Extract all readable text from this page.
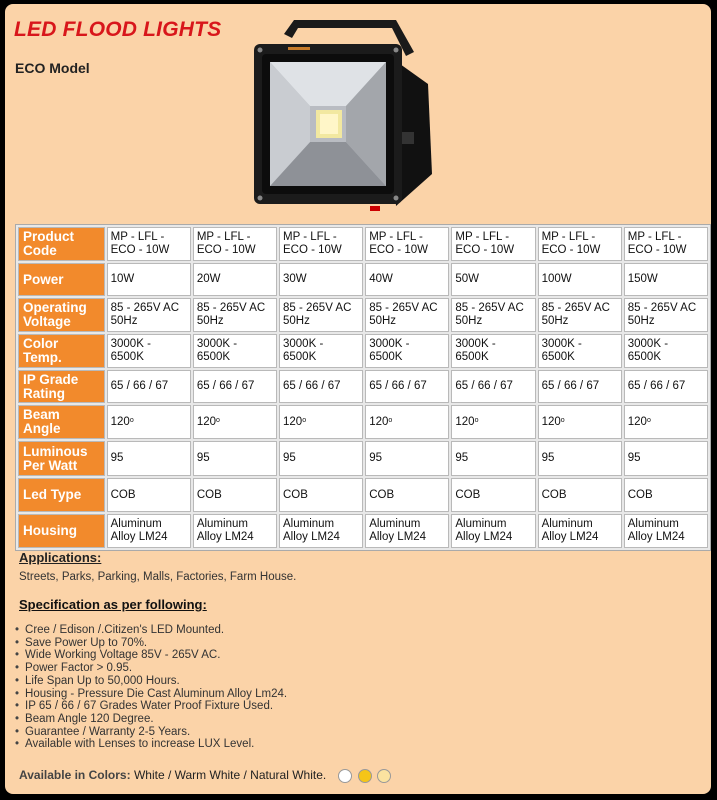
LED FLOOD LIGHTS
ECO Model
Product Code	MP - LFL - ECO - 10W	MP - LFL - ECO - 10W	MP - LFL - ECO - 10W	MP - LFL - ECO - 10W	MP - LFL - ECO - 10W	MP - LFL - ECO - 10W	MP - LFL - ECO - 10W
Power	10W	20W	30W	40W	50W	100W	150W
Operating Voltage	85 - 265V AC 50Hz	85 - 265V AC 50Hz	85 - 265V AC 50Hz	85 - 265V AC 50Hz	85 - 265V AC 50Hz	85 - 265V AC 50Hz	85 - 265V AC 50Hz
Color Temp.	3000K - 6500K	3000K - 6500K	3000K - 6500K	3000K - 6500K	3000K - 6500K	3000K - 6500K	3000K - 6500K
IP Grade Rating	65 / 66 / 67	65 / 66 / 67	65 / 66 / 67	65 / 66 / 67	65 / 66 / 67	65 / 66 / 67	65 / 66 / 67
Beam Angle	120$^o$	120$^o$	120$^o$	120$^o$	120$^o$	120$^o$	120$^o$
Luminous Per Watt	95	95	95	95	95	95	95
Led Type	COB	COB	COB	COB	COB	COB	COB
Housing	Aluminum Alloy LM24	Aluminum Alloy LM24	Aluminum Alloy LM24	Aluminum Alloy LM24	Aluminum Alloy LM24	Aluminum Alloy LM24	Aluminum Alloy LM24
Applications:
Streets, Parks, Parking, Malls, Factories, Farm House.
Specification as per following:
• Cree / Edison /.Citizen's LED Mounted.
• Save Power Up to 70%.
• Wide Working Voltage 85V - 265V AC.
• Power Factor > 0.95.
• Life Span Up to 50,000 Hours.
• Housing - Pressure Die Cast Aluminum Alloy Lm24.
• IP 65 / 66 / 67 Grades Water Proof Fixture Used.
• Beam Angle 120 Degree.
• Guarantee / Warranty 2-5 Years.
• Available with Lenses to increase LUX Level.
Available in Colors: White / Warm White / Natural White.
